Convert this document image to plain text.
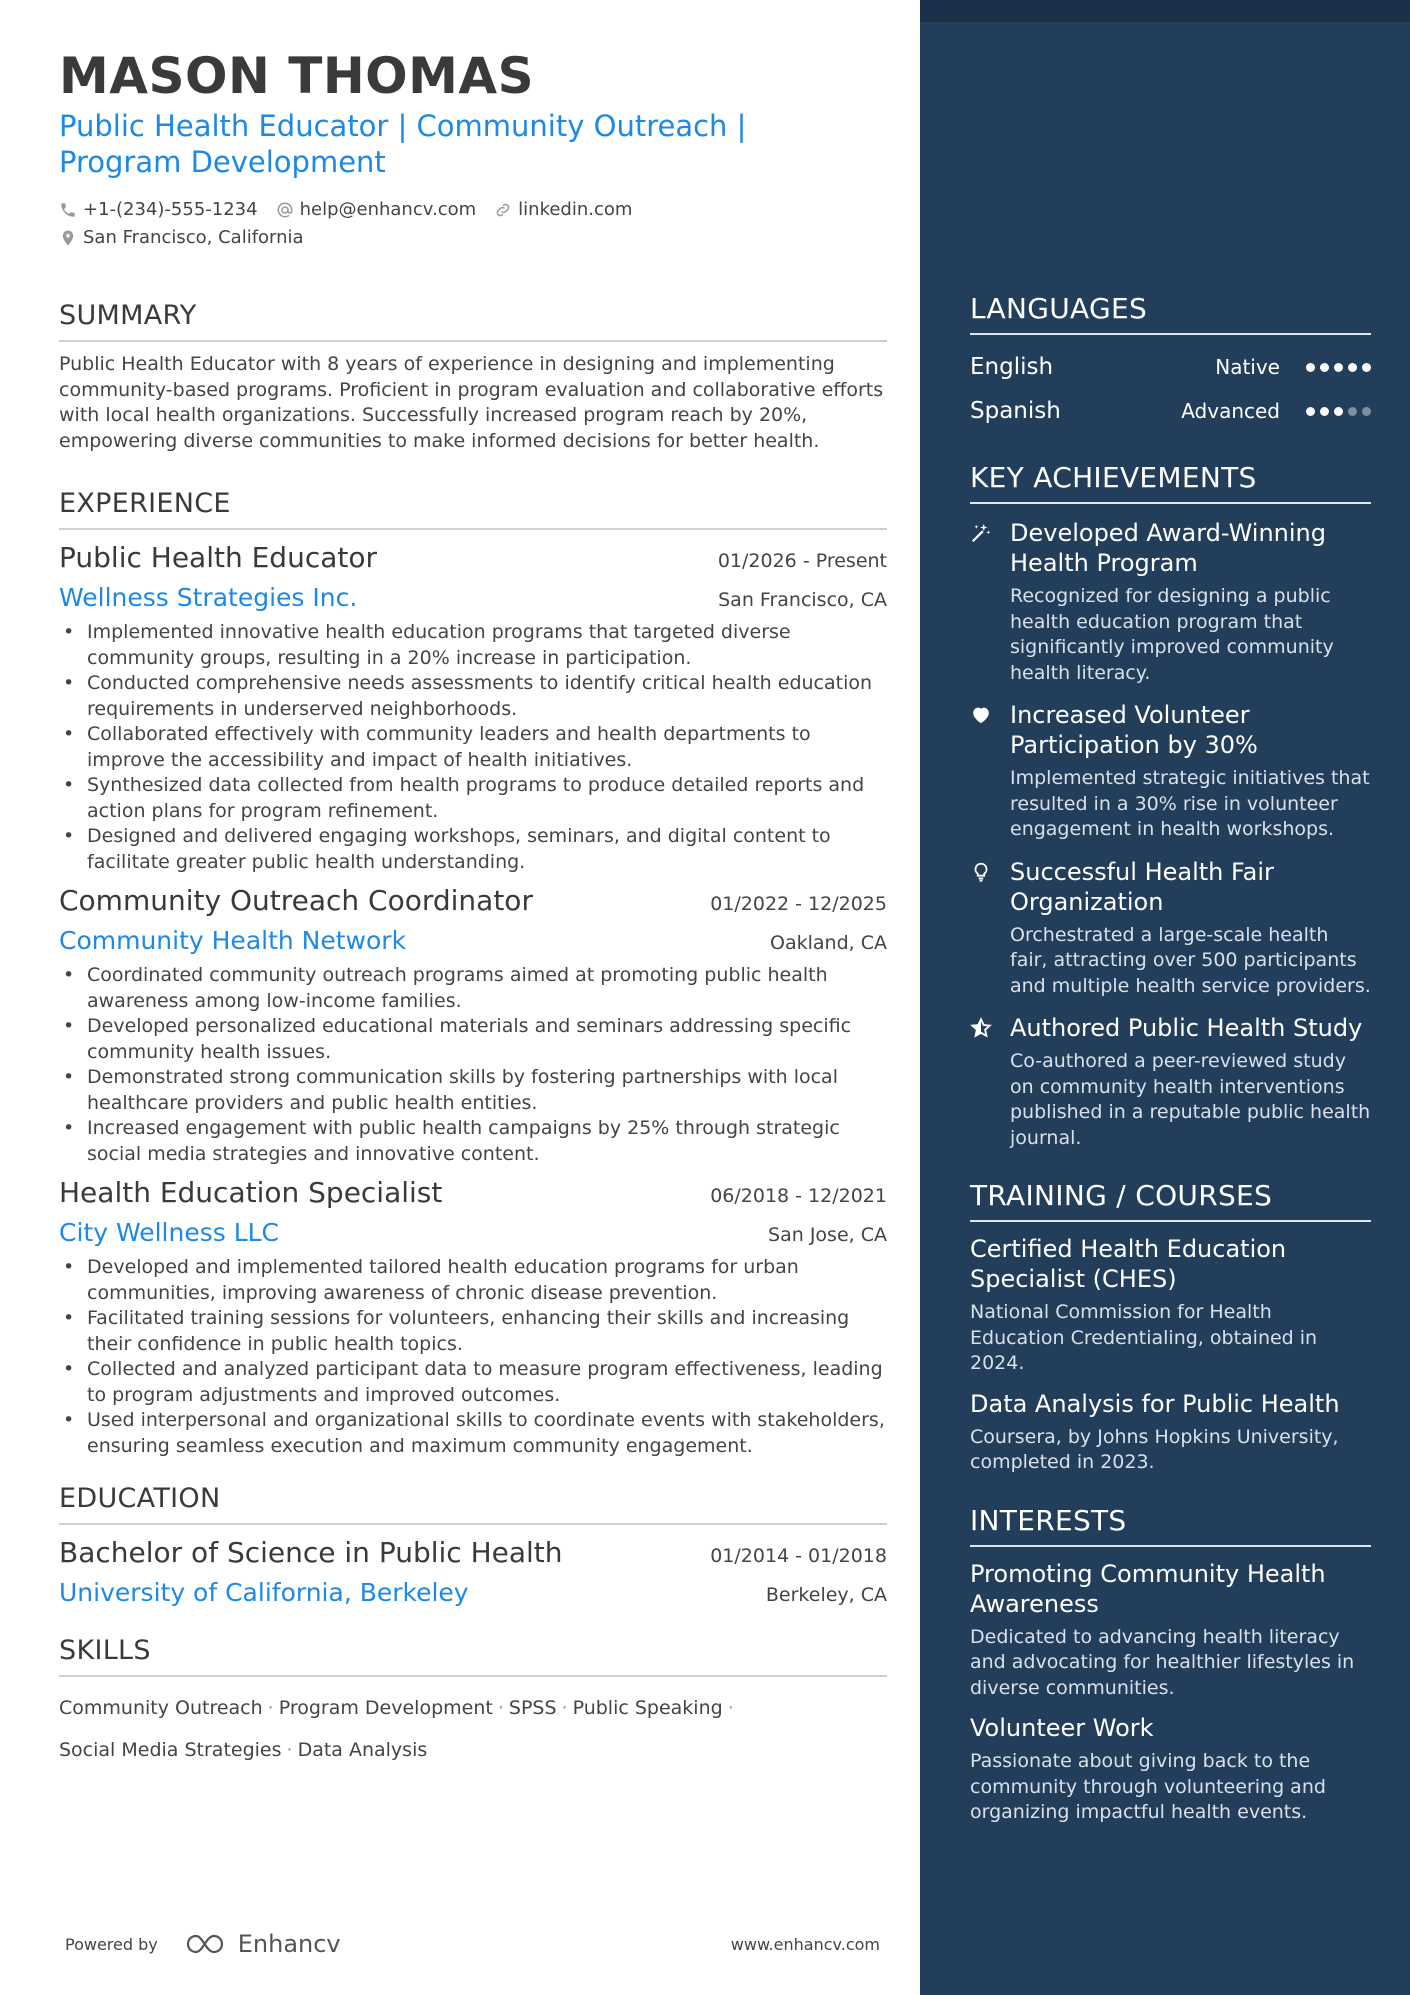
MASON THOMAS
Public Health Educator | Community Outreach |
Program Development
+1-(234)-555-1234 help@enhancv.com linkedin.com
San Francisco, California
SUMMARY
Public Health Educator with 8 years of experience in designing and implementing community-based programs. Proficient in program evaluation and collaborative efforts with local health organizations. Successfully increased program reach by 20%, empowering diverse communities to make informed decisions for better health.
EXPERIENCE
Public Health Educator	01/2026 - Present
Wellness Strategies Inc.	San Francisco, CA
• Implemented innovative health education programs that targeted diverse community groups, resulting in a 20% increase in participation.
• Conducted comprehensive needs assessments to identify critical health education requirements in underserved neighborhoods.
• Collaborated effectively with community leaders and health departments to improve the accessibility and impact of health initiatives.
• Synthesized data collected from health programs to produce detailed reports and action plans for program refinement.
• Designed and delivered engaging workshops, seminars, and digital content to facilitate greater public health understanding.
Community Outreach Coordinator	01/2022 - 12/2025
Community Health Network	Oakland, CA
• Coordinated community outreach programs aimed at promoting public health awareness among low-income families.
• Developed personalized educational materials and seminars addressing specific community health issues.
• Demonstrated strong communication skills by fostering partnerships with local healthcare providers and public health entities.
• Increased engagement with public health campaigns by 25% through strategic social media strategies and innovative content.
Health Education Specialist	06/2018 - 12/2021
City Wellness LLC	San Jose, CA
• Developed and implemented tailored health education programs for urban communities, improving awareness of chronic disease prevention.
• Facilitated training sessions for volunteers, enhancing their skills and increasing their confidence in public health topics.
• Collected and analyzed participant data to measure program effectiveness, leading to program adjustments and improved outcomes.
• Used interpersonal and organizational skills to coordinate events with stakeholders, ensuring seamless execution and maximum community engagement.
EDUCATION
Bachelor of Science in Public Health	01/2014 - 01/2018
University of California, Berkeley	Berkeley, CA
SKILLS
Community Outreach · Program Development · SPSS · Public Speaking ·
Social Media Strategies · Data Analysis
Powered by	Enhancv	www.enhancv.com
LANGUAGES
English	Native
Spanish	Advanced
KEY ACHIEVEMENTS
Developed Award-Winning Health Program
Recognized for designing a public health education program that significantly improved community health literacy.
Increased Volunteer Participation by 30%
Implemented strategic initiatives that resulted in a 30% rise in volunteer engagement in health workshops.
Successful Health Fair Organization
Orchestrated a large-scale health fair, attracting over 500 participants and multiple health service providers.
Authored Public Health Study
Co-authored a peer-reviewed study on community health interventions published in a reputable public health journal.
TRAINING / COURSES
Certified Health Education Specialist (CHES)
National Commission for Health Education Credentialing, obtained in 2024.
Data Analysis for Public Health
Coursera, by Johns Hopkins University, completed in 2023.
INTERESTS
Promoting Community Health Awareness
Dedicated to advancing health literacy and advocating for healthier lifestyles in diverse communities.
Volunteer Work
Passionate about giving back to the community through volunteering and organizing impactful health events.
